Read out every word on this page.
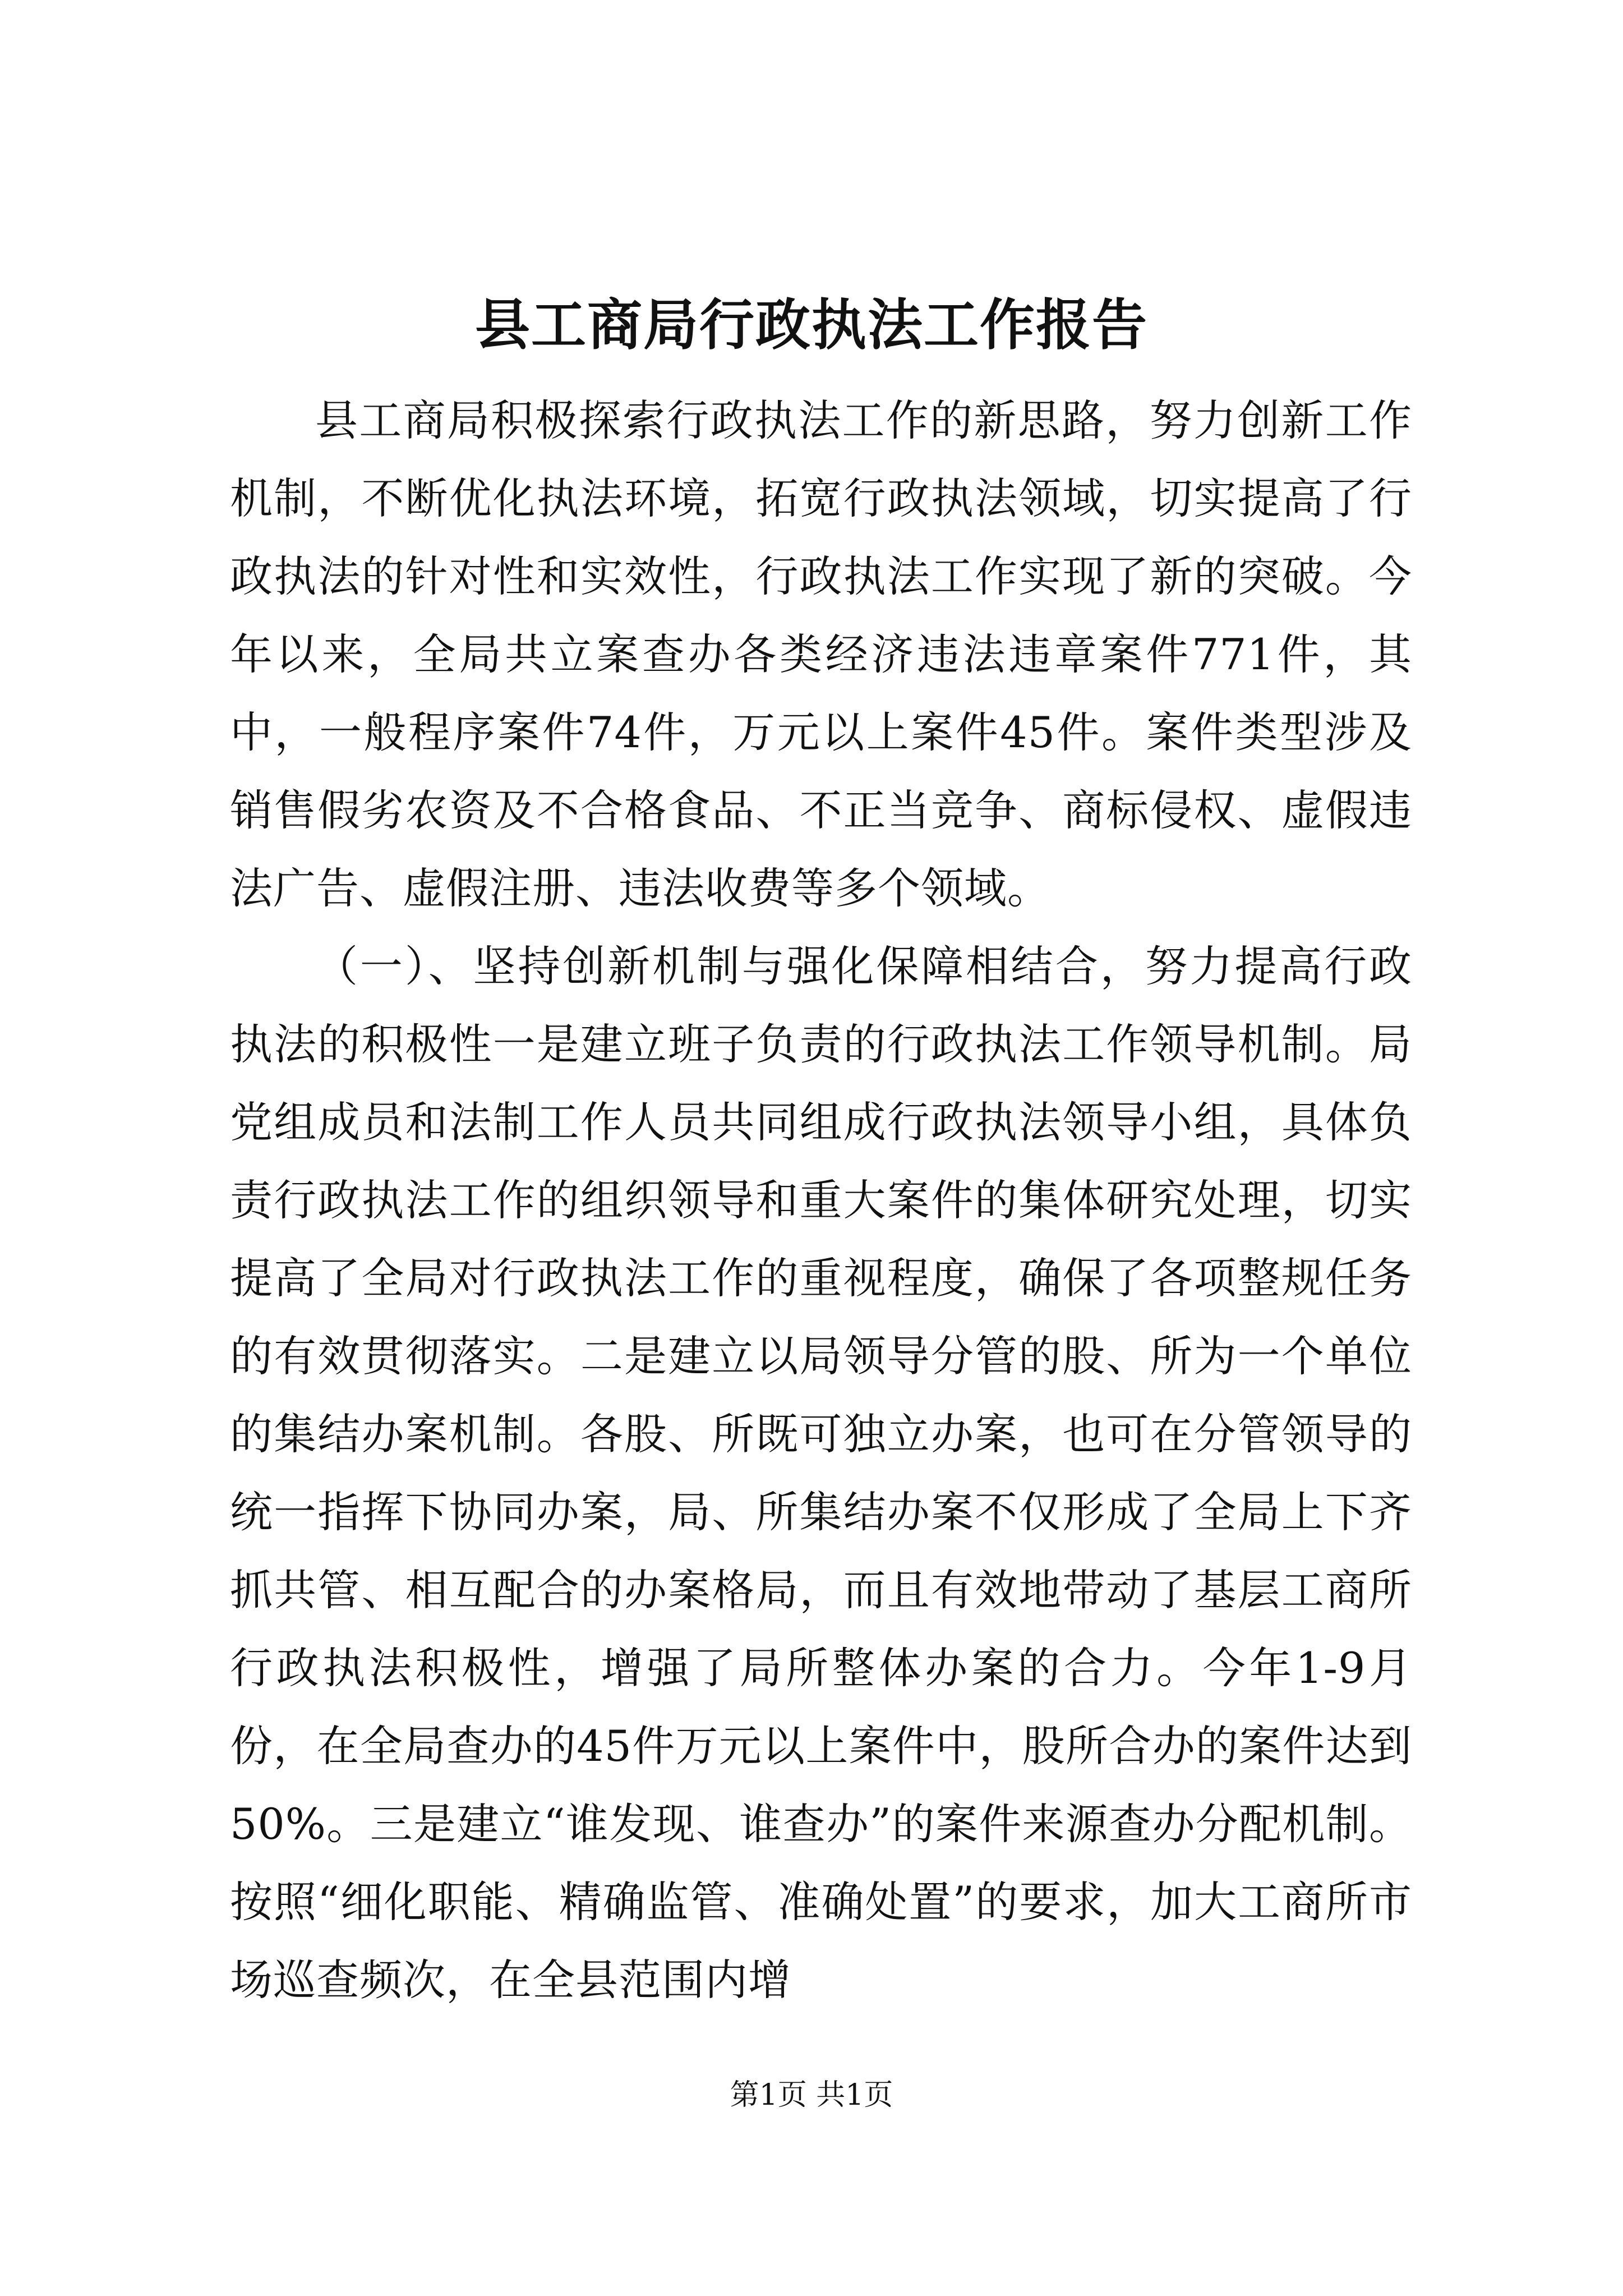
县工商局行政执法工作报告

县工商局积极探索行政执法工作的新思路，努力创新工作机制，不断优化执法环境，拓宽行政执法领域，切实提高了行政执法的针对性和实效性，行政执法工作实现了新的突破。今年以来，全局共立案查办各类经济违法违章案件771件，其中，一般程序案件74件，万元以上案件45件。案件类型涉及销售假劣农资及不合格食品、不正当竞争、商标侵权、虚假违法广告、虚假注册、违法收费等多个领域。

（一）、坚持创新机制与强化保障相结合，努力提高行政执法的积极性一是建立班子负责的行政执法工作领导机制。局党组成员和法制工作人员共同组成行政执法领导小组，具体负责行政执法工作的组织领导和重大案件的集体研究处理，切实提高了全局对行政执法工作的重视程度，确保了各项整规任务的有效贯彻落实。二是建立以局领导分管的股、所为一个单位的集结办案机制。各股、所既可独立办案，也可在分管领导的统一指挥下协同办案，局、所集结办案不仅形成了全局上下齐抓共管、相互配合的办案格局，而且有效地带动了基层工商所行政执法积极性，增强了局所整体办案的合力。今年1-9月份，在全局查办的45件万元以上案件中，股所合办的案件达到50%。三是建立“谁发现、谁查办”的案件来源查办分配机制。按照“细化职能、精确监管、准确处置”的要求，加大工商所市场巡查频次，在全县范围内增

第1页 共1页
